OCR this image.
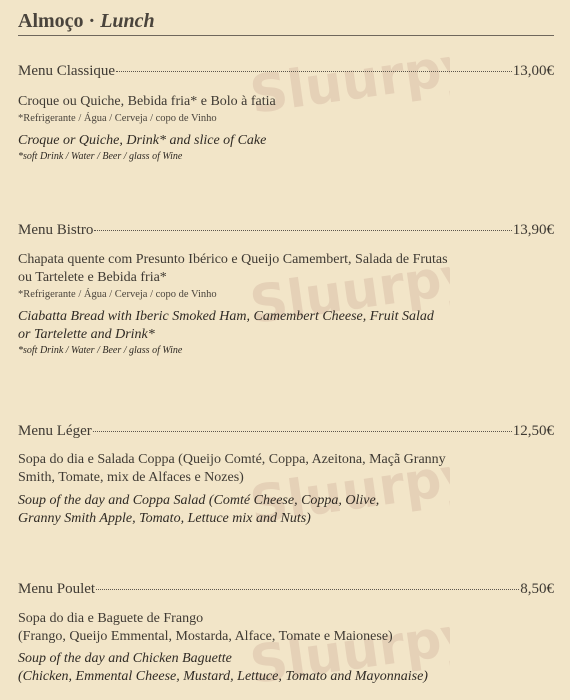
Sluurpy
Sluurpy
Sluurpy
Sluurpy
Almoço · Lunch
Menu Classique	13,00€
Croque ou Quiche, Bebida fria* e Bolo à fatia
*Refrigerante / Água / Cerveja / copo de Vinho
Croque or Quiche, Drink* and slice of Cake
*soft Drink / Water / Beer / glass of Wine
Menu Bistro	13,90€
Chapata quente com Presunto Ibérico e Queijo Camembert, Salada de Frutas
ou Tartelete e Bebida fria*
*Refrigerante / Água / Cerveja / copo de Vinho
Ciabatta Bread with Iberic Smoked Ham, Camembert Cheese, Fruit Salad
or Tartelette and Drink*
*soft Drink / Water / Beer / glass of Wine
Menu Léger	12,50€
Sopa do dia e Salada Coppa (Queijo Comté, Coppa, Azeitona, Maçã Granny
Smith, Tomate, mix de Alfaces e Nozes)
Soup of the day and Coppa Salad (Comté Cheese, Coppa, Olive,
Granny Smith Apple, Tomato, Lettuce mix and Nuts)
Menu Poulet	8,50€
Sopa do dia e Baguete de Frango
(Frango, Queijo Emmental, Mostarda, Alface, Tomate e Maionese)
Soup of the day and Chicken Baguette
(Chicken, Emmental Cheese, Mustard, Lettuce, Tomato and Mayonnaise)
